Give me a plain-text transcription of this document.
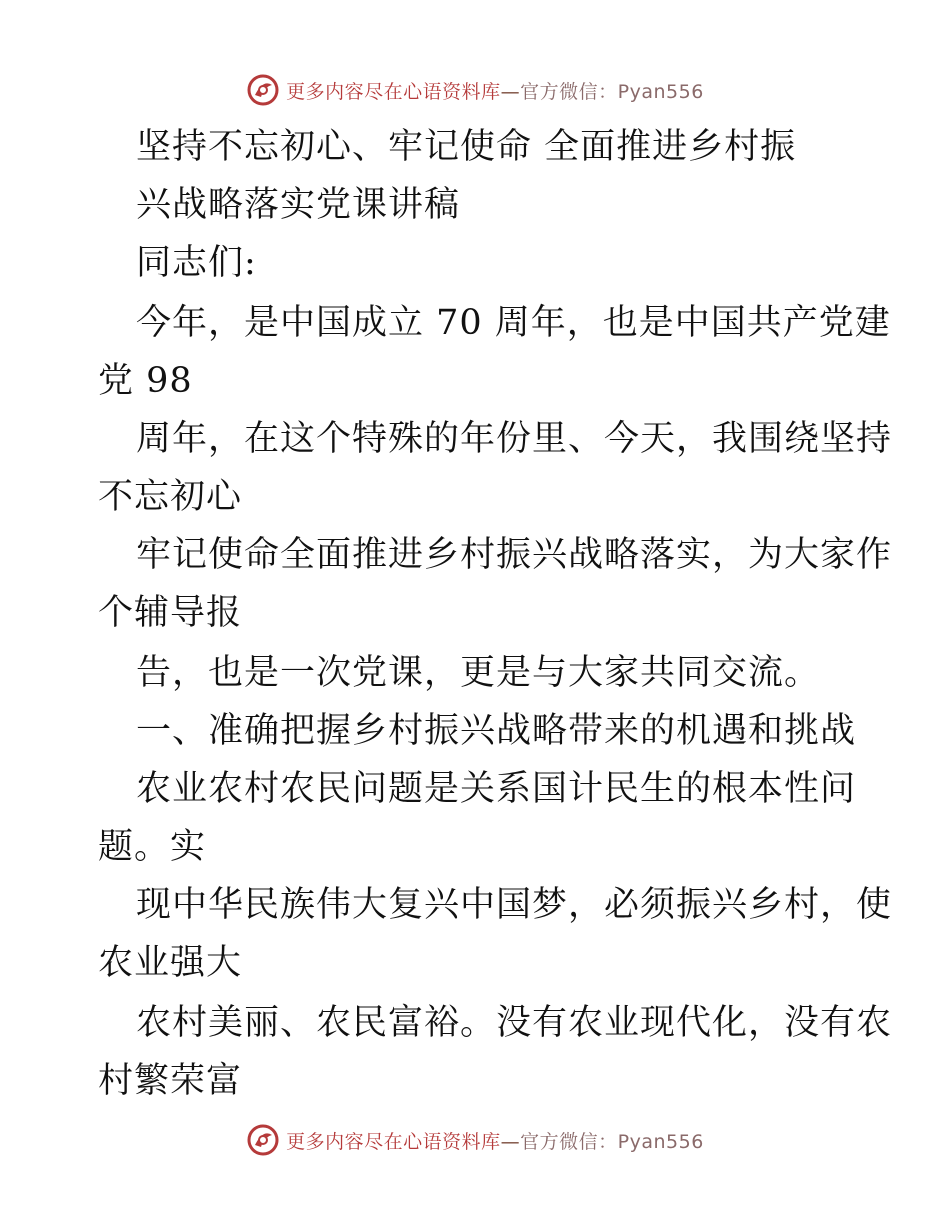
更多内容尽在心语资料库—官方微信：Pyan556
坚持不忘初心、牢记使命 全面推进乡村振
兴战略落实党课讲稿
同志们:
今年，是中国成立 70 周年，也是中国共产党建
党 98
周年，在这个特殊的年份里、今天，我围绕坚持
不忘初心
牢记使命全面推进乡村振兴战略落实，为大家作
个辅导报
告，也是一次党课，更是与大家共同交流。
一、准确把握乡村振兴战略带来的机遇和挑战
农业农村农民问题是关系国计民生的根本性问
题。实
现中华民族伟大复兴中国梦，必须振兴乡村，使
农业强大
农村美丽、农民富裕。没有农业现代化，没有农
村繁荣富
更多内容尽在心语资料库—官方微信：Pyan556
